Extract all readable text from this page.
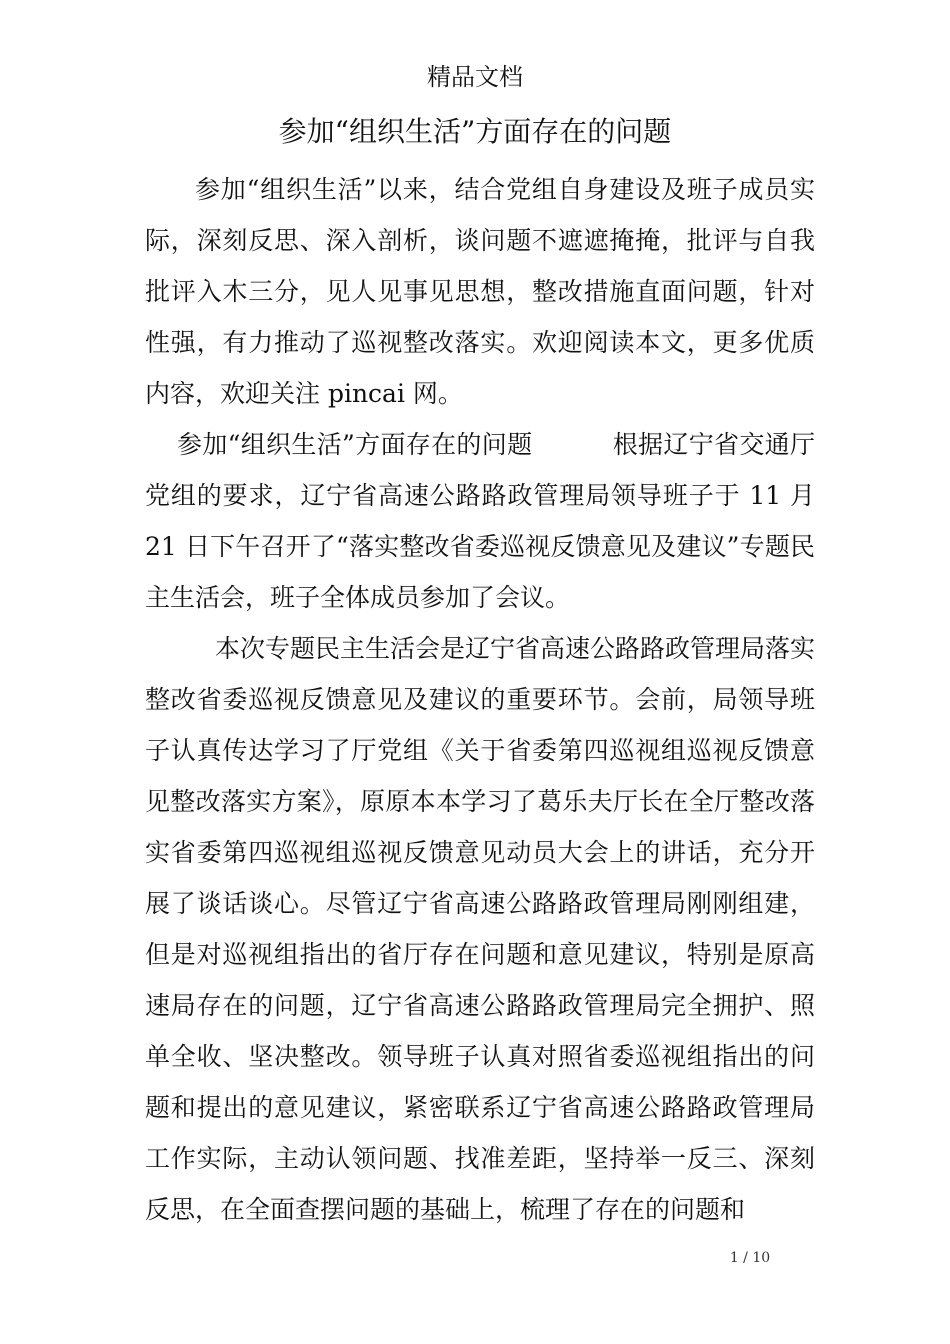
精品文档
参加“组织生活”方面存在的问题

参加“组织生活”以来，结合党组自身建设及班子成员实际，深刻反思、深入剖析，谈问题不遮遮掩掩，批评与自我批评入木三分，见人见事见思想，整改措施直面问题，针对性强，有力推动了巡视整改落实。欢迎阅读本文，更多优质内容，欢迎关注 pincai 网。

参加“组织生活”方面存在的问题	根据辽宁省交通厅党组的要求，辽宁省高速公路路政管理局领导班子于 11 月 21 日下午召开了“落实整改省委巡视反馈意见及建议”专题民主生活会，班子全体成员参加了会议。

本次专题民主生活会是辽宁省高速公路路政管理局落实整改省委巡视反馈意见及建议的重要环节。会前，局领导班子认真传达学习了厅党组《关于省委第四巡视组巡视反馈意见整改落实方案》，原原本本学习了葛乐夫厅长在全厅整改落实省委第四巡视组巡视反馈意见动员大会上的讲话，充分开展了谈话谈心。尽管辽宁省高速公路路政管理局刚刚组建，但是对巡视组指出的省厅存在问题和意见建议，特别是原高速局存在的问题，辽宁省高速公路路政管理局完全拥护、照单全收、坚决整改。领导班子认真对照省委巡视组指出的问题和提出的意见建议，紧密联系辽宁省高速公路路政管理局工作实际，主动认领问题、找准差距，坚持举一反三、深刻反思，在全面查摆问题的基础上，梳理了存在的问题和

1 / 10
